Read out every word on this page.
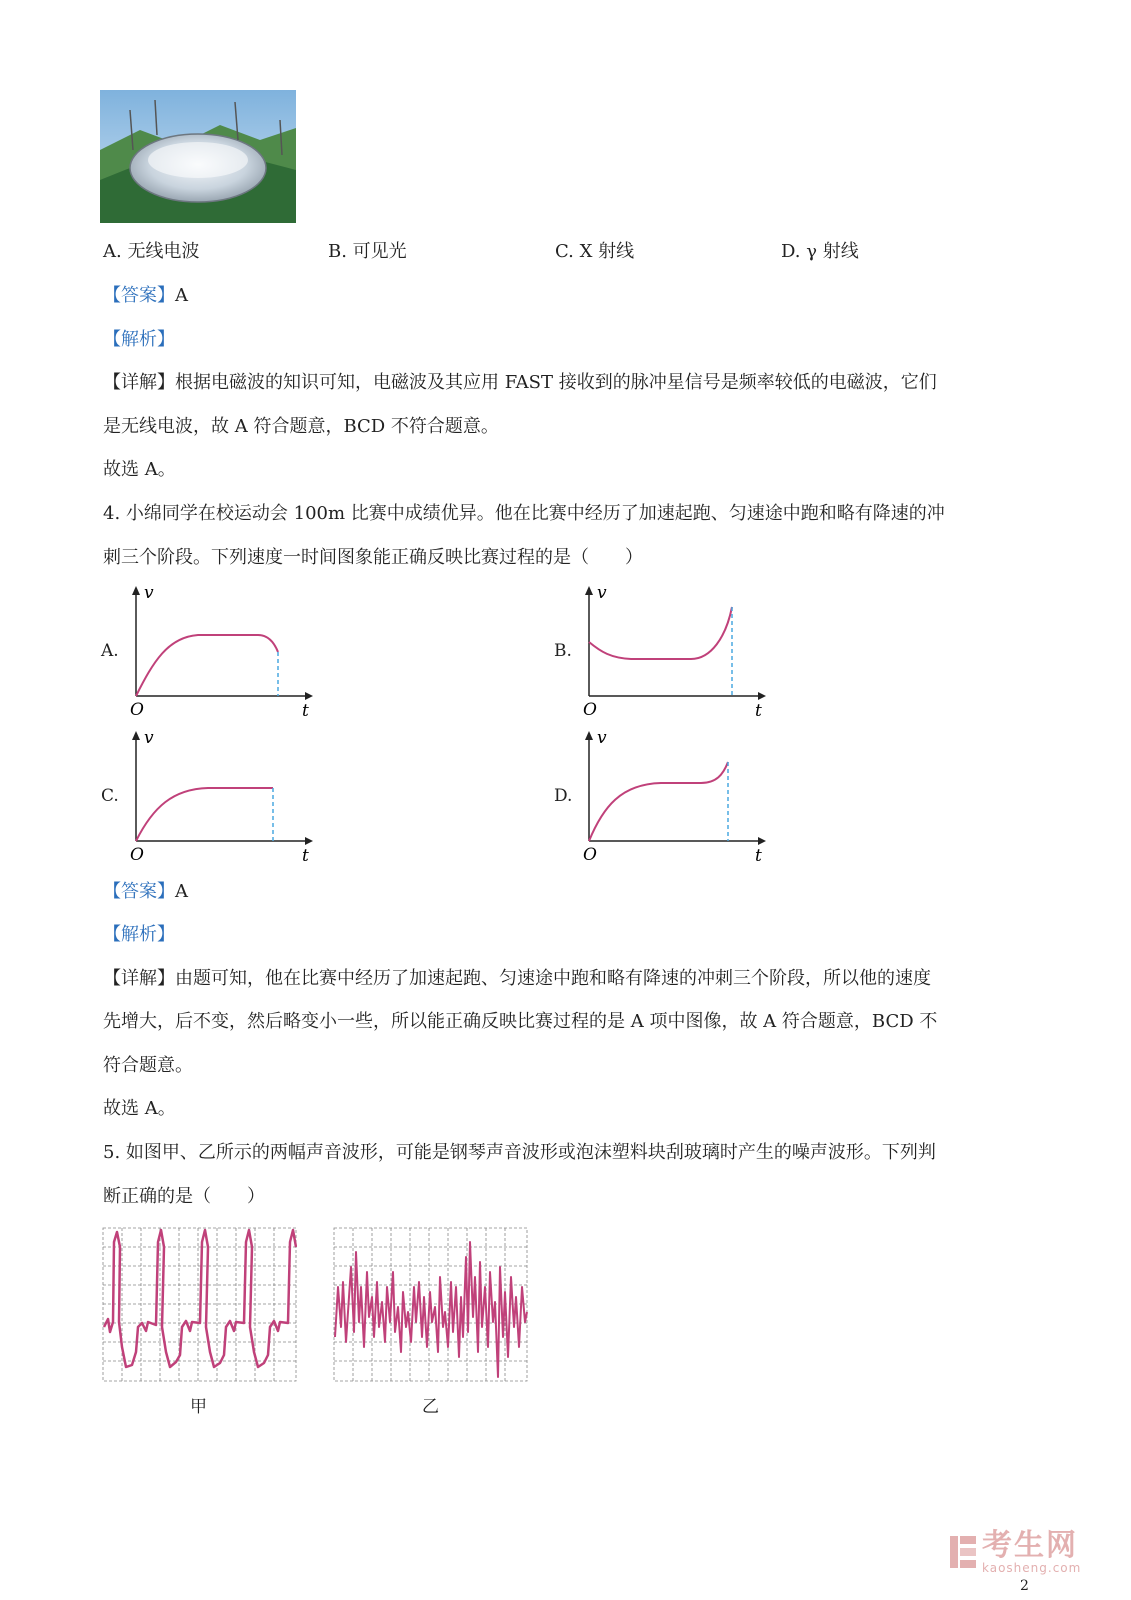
A. 无线电波	B. 可见光	C. X 射线	D. γ 射线
【答案】A
【解析】
【详解】根据电磁波的知识可知，电磁波及其应用 FAST 接收到的脉冲星信号是频率较低的电磁波，它们
是无线电波，故 A 符合题意，BCD 不符合题意。
故选 A。
4. 小绵同学在校运动会 100m 比赛中成绩优异。他在比赛中经历了加速起跑、匀速途中跑和略有降速的冲
刺三个阶段。下列速度一时间图象能正确反映比赛过程的是（　　）
A.
v
t
O
B.
v
t
O
C.
v
t
O
D.
v
t
O
【答案】A
【解析】
【详解】由题可知，他在比赛中经历了加速起跑、匀速途中跑和略有降速的冲刺三个阶段，所以他的速度
先增大，后不变，然后略变小一些，所以能正确反映比赛过程的是 A 项中图像，故 A 符合题意，BCD 不
符合题意。
故选 A。
5. 如图甲、乙所示的两幅声音波形，可能是钢琴声音波形或泡沫塑料块刮玻璃时产生的噪声波形。下列判
断正确的是（　　）
甲	乙
考生网
kaosheng.com
2
